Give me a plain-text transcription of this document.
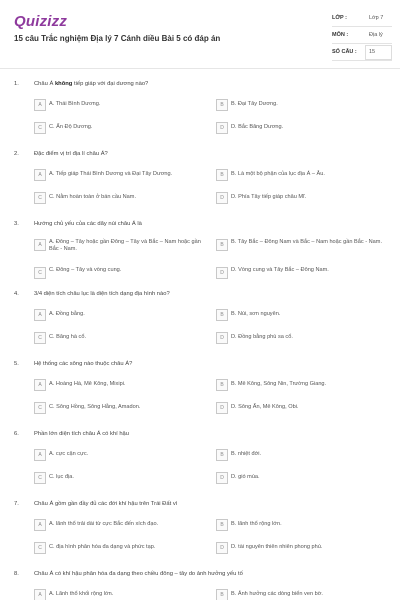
Quizizz
15 câu Trắc nghiệm Địa lý 7 Cánh diều Bài 5 có đáp án
LỚP :	Lớp 7
MÔN :	Địa lý
SỐ CÂU : 15
1.	Châu Á không tiếp giáp với đại dương nào?
A	A. Thái Bình Dương.	B	B. Đại Tây Dương.
C	C. Ấn Độ Dương.	D	D. Bắc Băng Dương.
2.	Đặc điểm vị trí địa lí châu Á?
A	A. Tiếp giáp Thái Bình Dương và Đại Tây Dương.	B	B. Là một bộ phận của lục địa Á – Âu.
C	C. Nằm hoàn toàn ở bán cầu Nam.	D	D. Phía Tây tiếp giáp châu Mĩ.
3.	Hướng chủ yếu của các dãy núi châu Á là
A	A. Đông – Tây hoặc gần Đông – Tây và Bắc – Nam hoặc gần Bắc - Nam.
B	B. Tây Bắc – Đông Nam và Bắc – Nam hoặc gần Bắc - Nam.
C	C. Đông – Tây và vòng cung.	D	D. Vòng cung và Tây Bắc – Đông Nam.
4.	3/4 diện tích châu lục là diện tích dạng địa hình nào?
A	A. Đồng bằng.	B	B. Núi, sơn nguyên.
C	C. Băng hà cổ.	D	D. Đồng bằng phù sa cổ.
5.	Hệ thống các sông nào thuộc châu Á?
A	A. Hoàng Hà, Mê Kông, Mixipi.	B	B. Mê Kông, Sông Nin, Trường Giang.
C	C. Sông Hồng, Sông Hằng, Amadon.	D	D. Sông Ấn, Mê Kông, Obi.
6.	Phần lớn diện tích châu Á có khí hậu
A	A. cực cận cực.	B	B. nhiệt đới.
C	C. lục địa.	D	D. gió mùa.
7.	Châu Á gồm gần đầy đủ các đới khí hậu trên Trái Đất vì
A	A. lãnh thổ trải dài từ cực Bắc đến xích đạo.	B	B. lãnh thổ rộng lớn.
C	C. địa hình phân hóa đa dạng và phức tạp.	D	D. tài nguyên thiên nhiên phong phú.
8.	Châu Á có khí hậu phân hóa đa dạng theo chiều đông – tây do ảnh hưởng yếu tố
A	A. Lãnh thổ khối rộng lớn.	B	B. Ảnh hưởng các dòng biển ven bờ.
